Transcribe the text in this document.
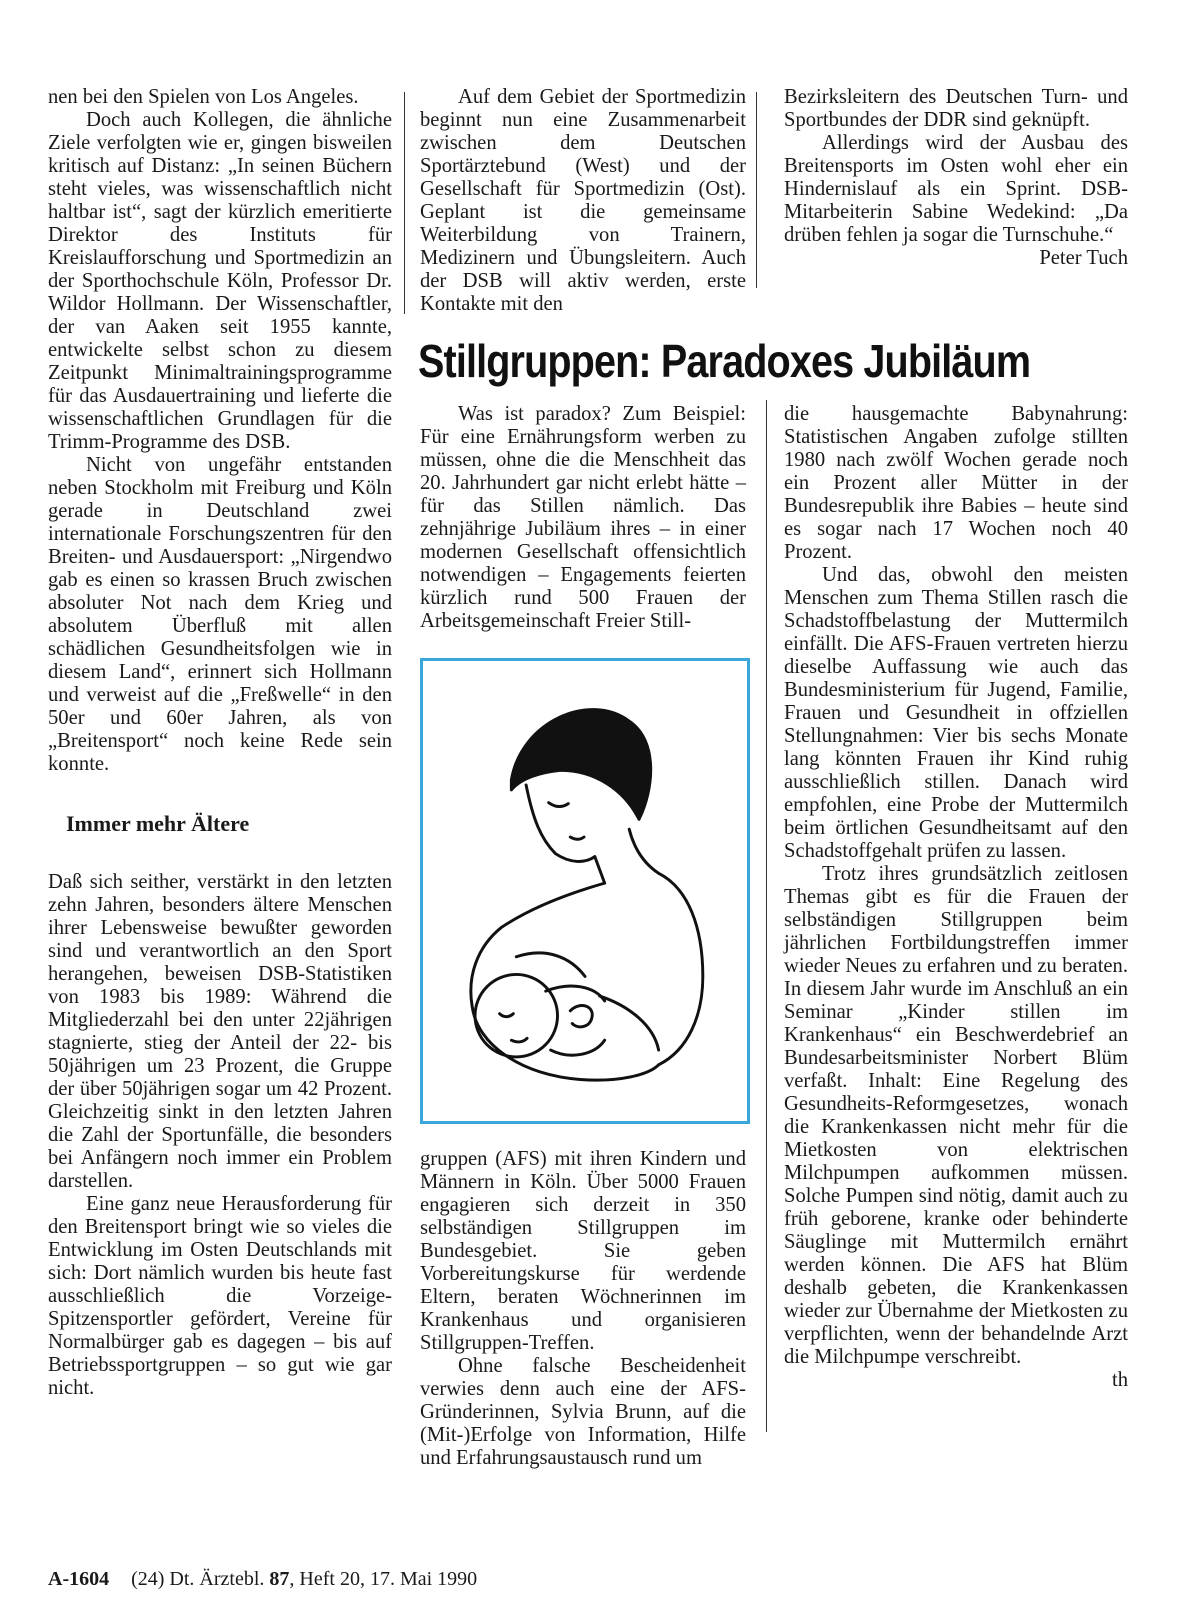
nen bei den Spielen von Los Angeles.

Doch auch Kollegen, die ähnliche Ziele verfolgten wie er, gingen bisweilen kritisch auf Distanz: „In seinen Büchern steht vieles, was wissenschaftlich nicht haltbar ist“, sagt der kürzlich emeritierte Direktor des Instituts für Kreislaufforschung und Sportmedizin an der Sporthochschule Köln, Professor Dr. Wildor Hollmann. Der Wissenschaftler, der van Aaken seit 1955 kannte, entwickelte selbst schon zu diesem Zeitpunkt Minimaltrainingsprogramme für das Ausdauertraining und lieferte die wissenschaftlichen Grundlagen für die Trimm-Programme des DSB.

Nicht von ungefähr entstanden neben Stockholm mit Freiburg und Köln gerade in Deutschland zwei internationale Forschungszentren für den Breiten- und Ausdauersport: „Nirgendwo gab es einen so krassen Bruch zwischen absoluter Not nach dem Krieg und absolutem Überfluß mit allen schädlichen Gesundheitsfolgen wie in diesem Land“, erinnert sich Hollmann und verweist auf die „Freßwelle“ in den 50er und 60er Jahren, als von „Breitensport“ noch keine Rede sein konnte.

Immer mehr Ältere

Daß sich seither, verstärkt in den letzten zehn Jahren, besonders ältere Menschen ihrer Lebensweise bewußter geworden sind und verantwortlich an den Sport herangehen, beweisen DSB-Statistiken von 1983 bis 1989: Während die Mitgliederzahl bei den unter 22jährigen stagnierte, stieg der Anteil der 22- bis 50jährigen um 23 Prozent, die Gruppe der über 50jährigen sogar um 42 Prozent. Gleichzeitig sinkt in den letzten Jahren die Zahl der Sportunfälle, die besonders bei Anfängern noch immer ein Problem darstellen.

Eine ganz neue Herausforderung für den Breitensport bringt wie so vieles die Entwicklung im Osten Deutschlands mit sich: Dort nämlich wurden bis heute fast ausschließlich die Vorzeige-Spitzensportler gefördert, Vereine für Normalbürger gab es dagegen – bis auf Betriebssportgruppen – so gut wie gar nicht.

Auf dem Gebiet der Sportmedizin beginnt nun eine Zusammenarbeit zwischen dem Deutschen Sportärztebund (West) und der Gesellschaft für Sportmedizin (Ost). Geplant ist die gemeinsame Weiterbildung von Trainern, Medizinern und Übungsleitern. Auch der DSB will aktiv werden, erste Kontakte mit den

Bezirksleitern des Deutschen Turn- und Sportbundes der DDR sind geknüpft.

Allerdings wird der Ausbau des Breitensports im Osten wohl eher ein Hindernislauf als ein Sprint. DSB-Mitarbeiterin Sabine Wedekind: „Da drüben fehlen ja sogar die Turnschuhe.“

Peter Tuch
Stillgruppen: Paradoxes Jubiläum

Was ist paradox? Zum Beispiel: Für eine Ernährungsform werben zu müssen, ohne die die Menschheit das 20. Jahrhundert gar nicht erlebt hätte – für das Stillen nämlich. Das zehnjährige Jubiläum ihres – in einer modernen Gesellschaft offensichtlich notwendigen – Engagements feierten kürzlich rund 500 Frauen der Arbeitsgemeinschaft Freier Still-

gruppen (AFS) mit ihren Kindern und Männern in Köln. Über 5000 Frauen engagieren sich derzeit in 350 selbständigen Stillgruppen im Bundesgebiet. Sie geben Vorbereitungskurse für werdende Eltern, beraten Wöchnerinnen im Krankenhaus und organisieren Stillgruppen-Treffen.

Ohne falsche Bescheidenheit verwies denn auch eine der AFS-Gründerinnen, Sylvia Brunn, auf die (Mit-)Erfolge von Information, Hilfe und Erfahrungsaustausch rund um

die hausgemachte Babynahrung: Statistischen Angaben zufolge stillten 1980 nach zwölf Wochen gerade noch ein Prozent aller Mütter in der Bundesrepublik ihre Babies – heute sind es sogar nach 17 Wochen noch 40 Prozent.

Und das, obwohl den meisten Menschen zum Thema Stillen rasch die Schadstoffbelastung der Muttermilch einfällt. Die AFS-Frauen vertreten hierzu dieselbe Auffassung wie auch das Bundesministerium für Jugend, Familie, Frauen und Gesundheit in offziellen Stellungnahmen: Vier bis sechs Monate lang könnten Frauen ihr Kind ruhig ausschließlich stillen. Danach wird empfohlen, eine Probe der Muttermilch beim örtlichen Gesundheitsamt auf den Schadstoffgehalt prüfen zu lassen.

Trotz ihres grundsätzlich zeitlosen Themas gibt es für die Frauen der selbständigen Stillgruppen beim jährlichen Fortbildungstreffen immer wieder Neues zu erfahren und zu beraten. In diesem Jahr wurde im Anschluß an ein Seminar „Kinder stillen im Krankenhaus“ ein Beschwerdebrief an Bundesarbeitsminister Norbert Blüm verfaßt. Inhalt: Eine Regelung des Gesundheits-Reformgesetzes, wonach die Krankenkassen nicht mehr für die Mietkosten von elektrischen Milchpumpen aufkommen müssen. Solche Pumpen sind nötig, damit auch zu früh geborene, kranke oder behinderte Säuglinge mit Muttermilch ernährt werden können. Die AFS hat Blüm deshalb gebeten, die Krankenkassen wieder zur Übernahme der Mietkosten zu verpflichten, wenn der behandelnde Arzt die Milchpumpe verschreibt.

th
A-1604 (24) Dt. Ärztebl. 87, Heft 20, 17. Mai 1990
